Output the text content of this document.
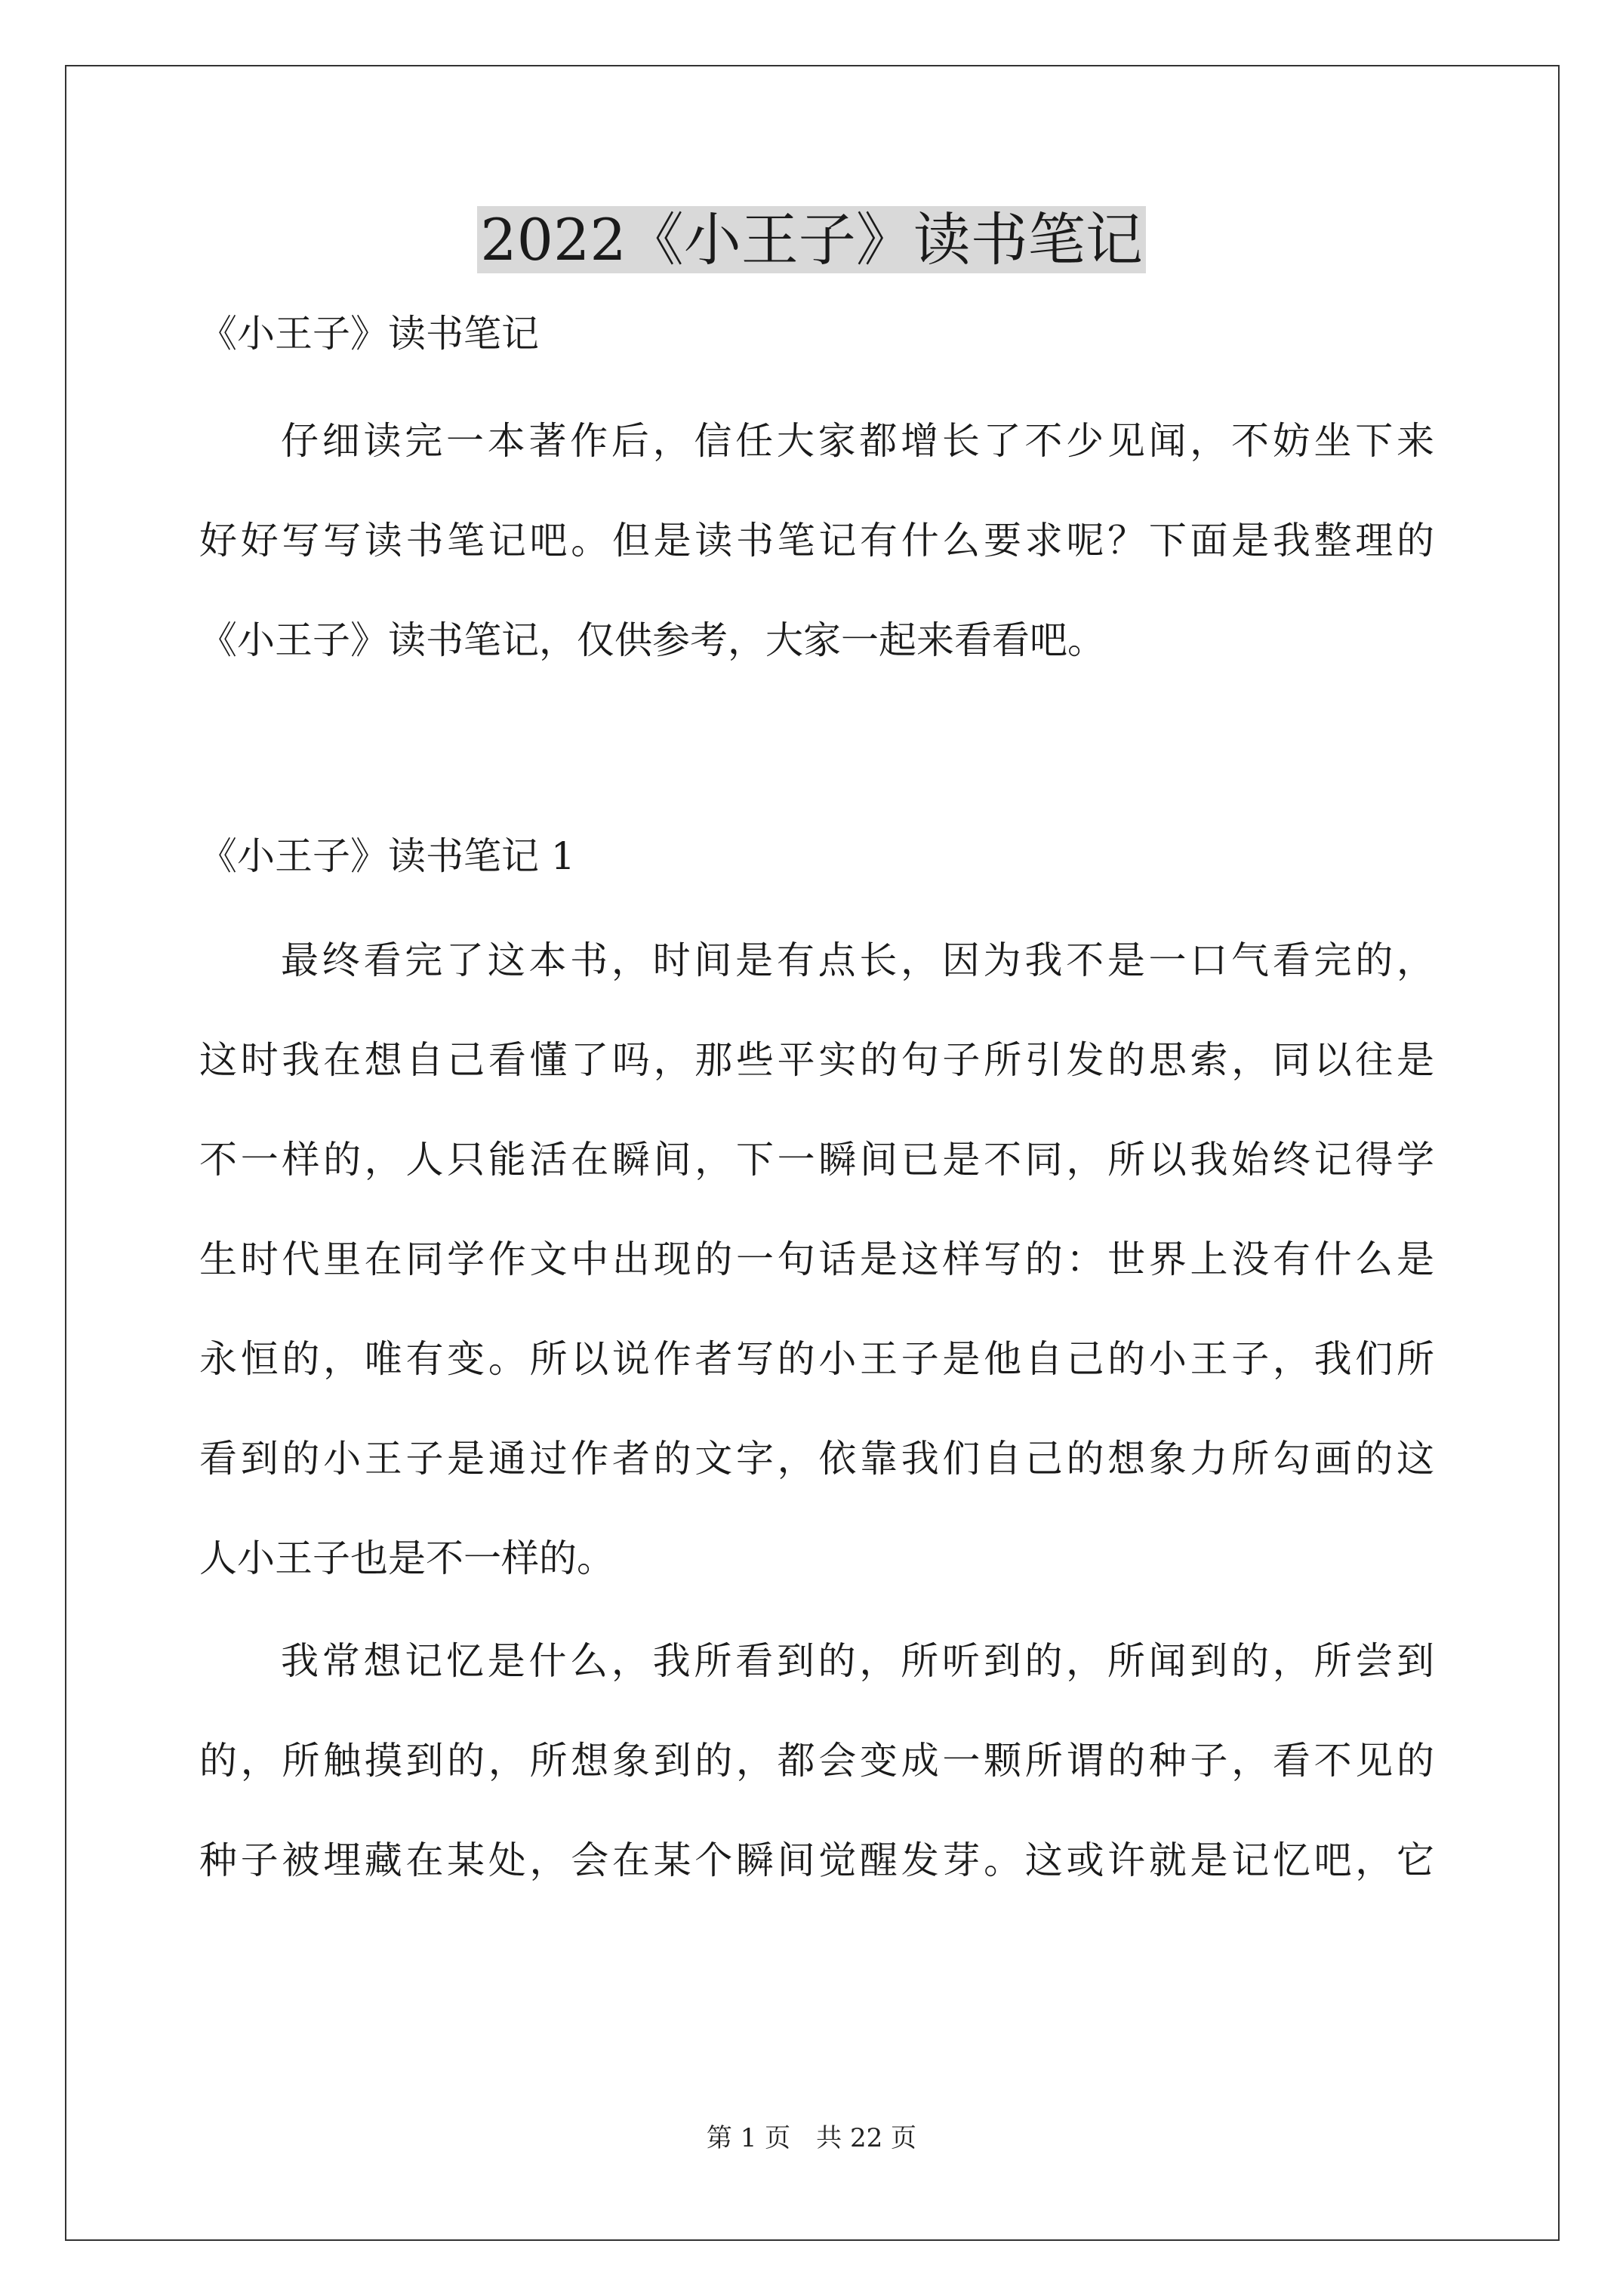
2022《小王子》读书笔记
《小王子》读书笔记
仔细读完一本著作后，信任大家都增长了不少见闻，不妨坐下来
好好写写读书笔记吧。但是读书笔记有什么要求呢？下面是我整理的
《小王子》读书笔记，仅供参考，大家一起来看看吧。
《小王子》读书笔记 1
最终看完了这本书，时间是有点长，因为我不是一口气看完的，
这时我在想自己看懂了吗，那些平实的句子所引发的思索，同以往是
不一样的，人只能活在瞬间，下一瞬间已是不同，所以我始终记得学
生时代里在同学作文中出现的一句话是这样写的：世界上没有什么是
永恒的，唯有变。所以说作者写的小王子是他自己的小王子，我们所
看到的小王子是通过作者的文字，依靠我们自己的想象力所勾画的这
人小王子也是不一样的。
我常想记忆是什么，我所看到的，所听到的，所闻到的，所尝到
的，所触摸到的，所想象到的，都会变成一颗所谓的种子，看不见的
种子被埋藏在某处，会在某个瞬间觉醒发芽。这或许就是记忆吧，它
第 1 页　共 22 页
